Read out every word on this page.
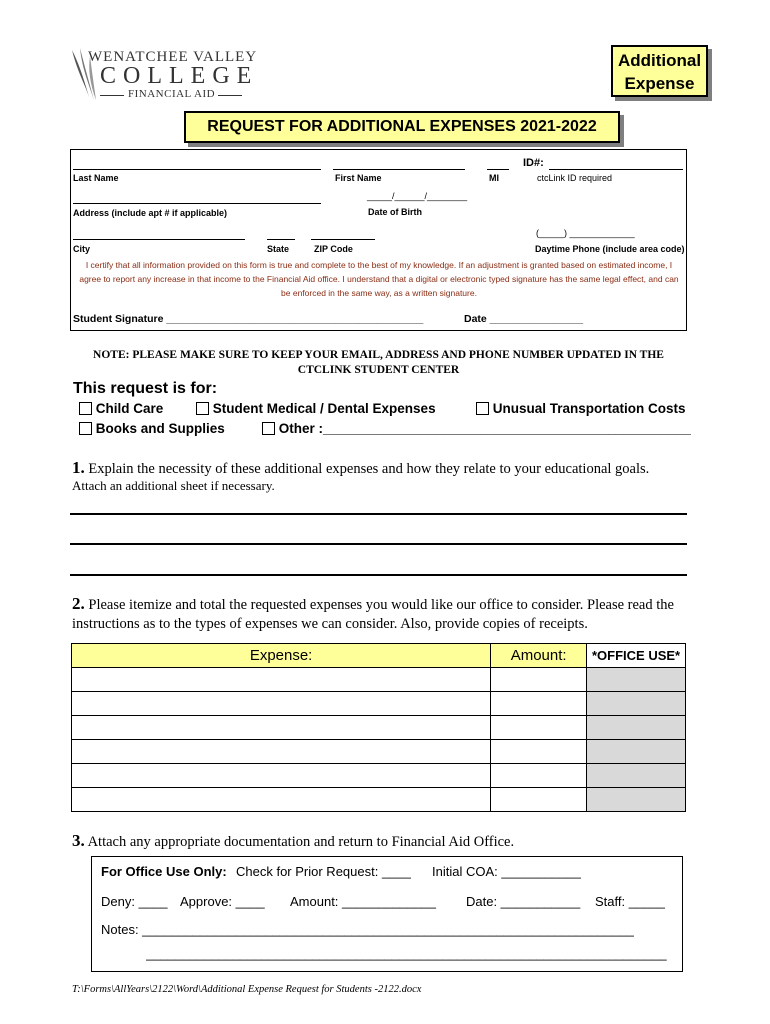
WENATCHEE VALLEY
COLLEGE
FINANCIAL AID
Additional
Expense
REQUEST FOR ADDITIONAL EXPENSES 2021-2022
Last Name	First Name	MI
ID#:
ctcLink ID required
Address (include apt # if applicable)
_____/______/________
Date of Birth
City	State	ZIP Code
(_____) _____________
Daytime Phone (include area code)
I certify that all information provided on this form is true and complete to the best of my knowledge. If an adjustment is granted based on estimated income, I agree to report any increase in that income to the Financial Aid office. I understand that a digital or electronic typed signature has the same legal effect, and can be enforced in the same way, as a written signature.
Student Signature ____________________________________________	Date ________________
NOTE: PLEASE MAKE SURE TO KEEP YOUR EMAIL, ADDRESS AND PHONE NUMBER UPDATED IN THE CTCLINK STUDENT CENTER
This request is for:
Child Care	Student Medical / Dental Expenses	Unusual Transportation Costs
Books and Supplies	Other :_________________________________________________
1. Explain the necessity of these additional expenses and how they relate to your educational goals.
Attach an additional sheet if necessary.
2. Please itemize and total the requested expenses you would like our office to consider. Please read the instructions as to the types of expenses we can consider. Also, provide copies of receipts.
Expense:	Amount:	*OFFICE USE*

3. Attach any appropriate documentation and return to Financial Aid Office.
For Office Use Only: Check for Prior Request: ____ Initial COA: ___________
Deny: ____ Approve: ____ Amount: _____________ Date: ___________ Staff: _____
Notes: ____________________________________________________________________
________________________________________________________________________
T:\Forms\AllYears\2122\Word\Additional Expense Request for Students -2122.docx
